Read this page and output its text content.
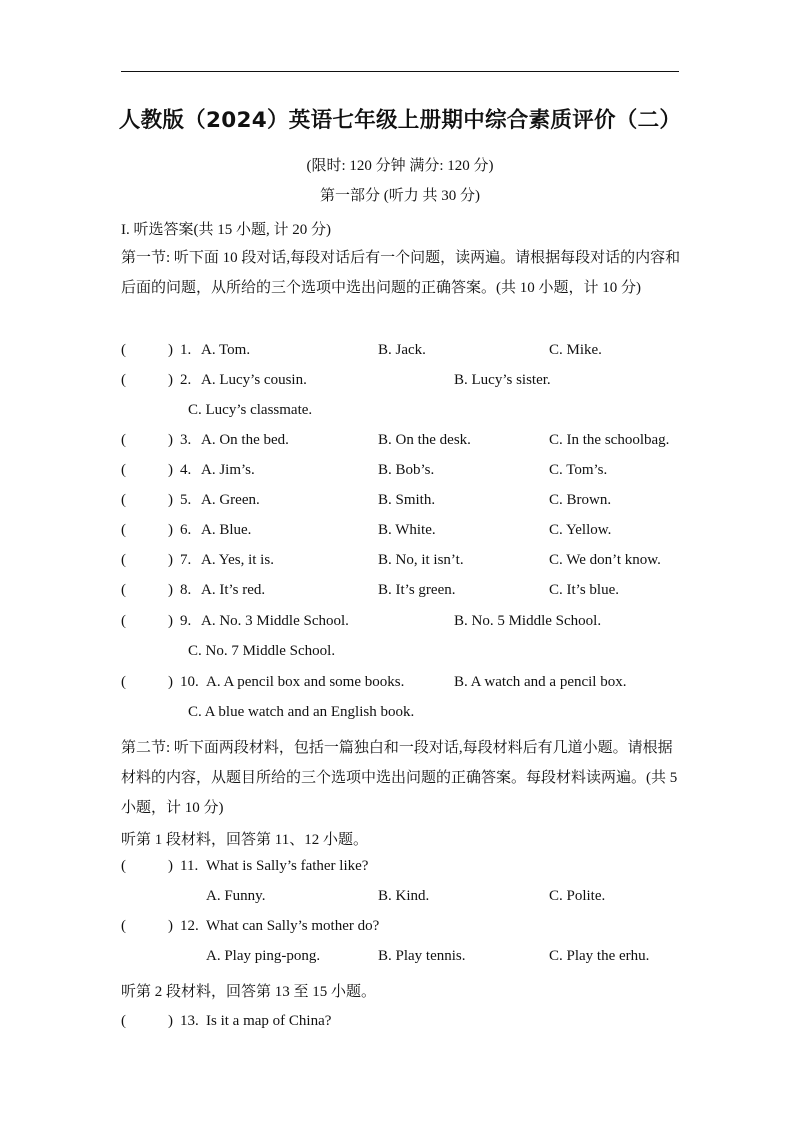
人教版（2024）英语七年级上册期中综合素质评价（二）
(限时: 120 分钟 满分: 120 分)
第一部分 (听力 共 30 分)
I. 听选答案(共 15 小题, 计 20 分)
第一节: 听下面 10 段对话,每段对话后有一个问题，读两遍。请根据每段对话的内容和后面的问题，从所给的三个选项中选出问题的正确答案。(共 10 小题，计 10 分)
(	) 1. A. Tom.	B. Jack.	C. Mike.
(	) 2. A. Lucy’s cousin.	B. Lucy’s sister.
C. Lucy’s classmate.
(	) 3. A. On the bed.	B. On the desk.	C. In the schoolbag.
(	) 4. A. Jim’s.	B. Bob’s.	C. Tom’s.
(	) 5. A. Green.	B. Smith.	C. Brown.
(	) 6. A. Blue.	B. White.	C. Yellow.
(	) 7. A. Yes, it is.	B. No, it isn’t.	C. We don’t know.
(	) 8. A. It’s red.	B. It’s green.	C. It’s blue.
(	) 9. A. No. 3 Middle School.	B. No. 5 Middle School.
C. No. 7 Middle School.
(	) 10. A. A pencil box and some books.	B. A watch and a pencil box.
C. A blue watch and an English book.
第二节: 听下面两段材料，包括一篇独白和一段对话,每段材料后有几道小题。请根据材料的内容，从题目所给的三个选项中选出问题的正确答案。每段材料读两遍。(共 5 小题，计 10 分)
听第 1 段材料，回答第 11、12 小题。
(	) 11. What is Sally’s father like?
A. Funny.	B. Kind.	C. Polite.
(	) 12. What can Sally’s mother do?
A. Play ping-pong.	B. Play tennis.	C. Play the erhu.
听第 2 段材料，回答第 13 至 15 小题。
(	) 13. Is it a map of China?
